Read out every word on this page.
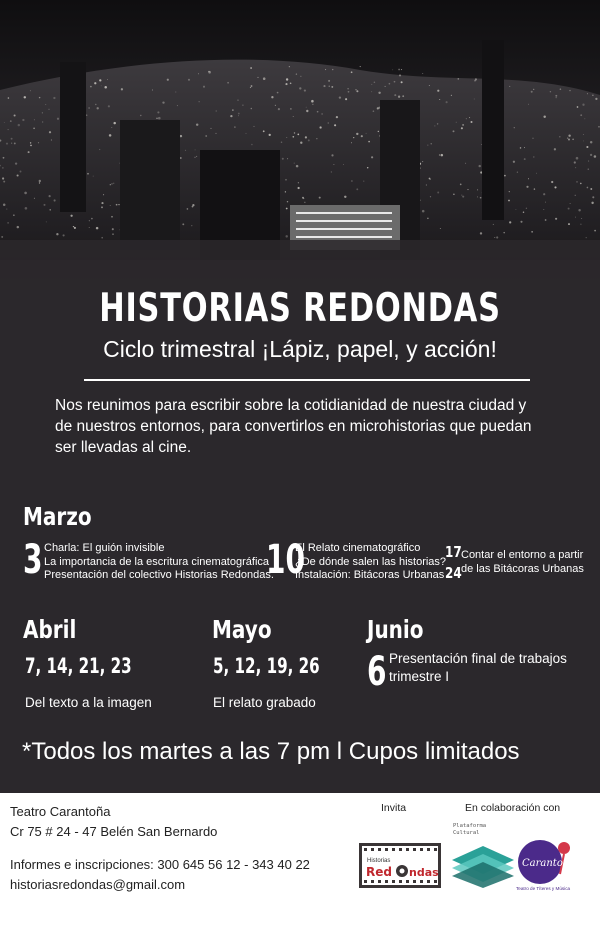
HISTORIAS REDONDAS
Ciclo trimestral ¡Lápiz, papel, y acción!
Nos reunimos para escribir sobre la cotidianidad de nuestra ciudad y
de nuestros entornos, para convertirlos en microhistorias que puedan
ser llevadas al cine.
Marzo
3 Charla: El guión invisible
La importancia de la escritura cinematográfica
Presentación del colectivo Historias Redondas.
10
El Relato cinematográfico
¿De dónde salen las historias?
Instalación: Bitácoras Urbanas
17
24
Contar el entorno a partir
de las Bitácoras Urbanas
Abril
7, 14, 21, 23
Del texto a la imagen
Mayo
5, 12, 19, 26
El relato grabado
Junio
6 Presentación final de trabajos
trimestre I
*Todos los martes a las 7 pm l Cupos limitados
Teatro Carantoña
Cr 75 # 24 - 47 Belén San Bernardo
Informes e inscripciones: 300 645 56 12 - 343 40 22
historiasredondas@gmail.com
Invita	En colaboración con
Historias
Red ndas
Plataforma
Cultural
Carantoña
Teatro de Títeres y Música
